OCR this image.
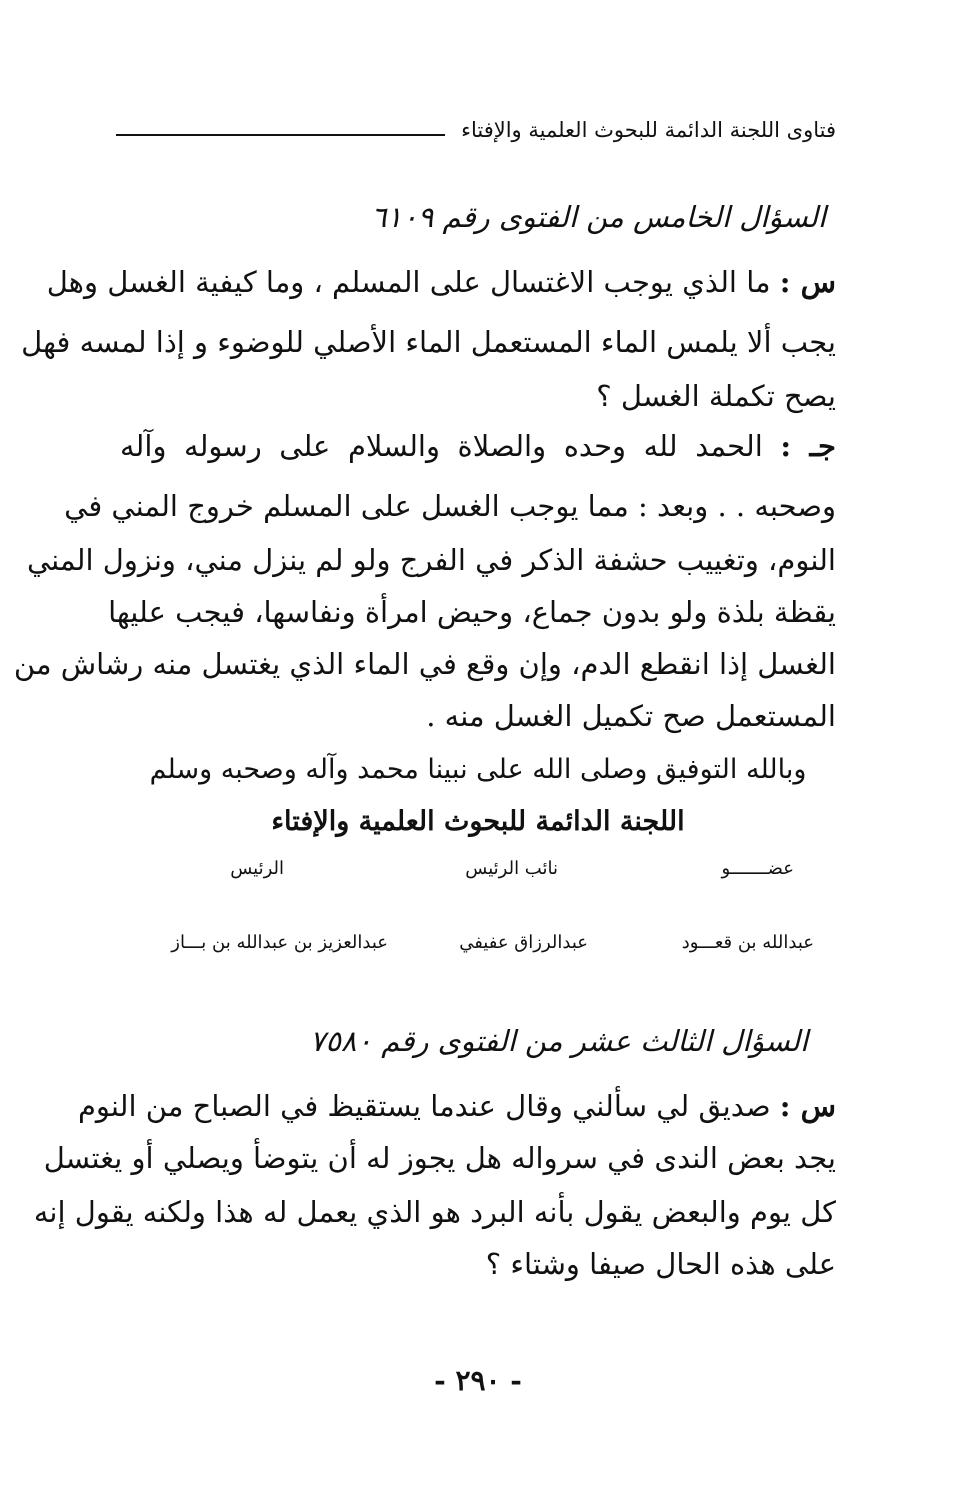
فتاوى اللجنة الدائمة للبحوث العلمية والإفتاء
السؤال الخامس من الفتوى رقم ٦١٠٩
س : ما الذي يوجب الاغتسال على المسلم ، وما كيفية الغسل وهل
يجب ألا يلمس الماء المستعمل الماء الأصلي للوضوء و إذا لمسه فهل
يصح تكملة الغسل ؟
جـ : الحمد لله وحده والصلاة والسلام على رسوله وآله
وصحبه . . وبعد : مما يوجب الغسل على المسلم خروج المني في
النوم، وتغييب حشفة الذكر في الفرج ولو لم ينزل مني، ونزول المني
يقظة بلذة ولو بدون جماع، وحيض امرأة ونفاسها، فيجب عليها
الغسل إذا انقطع الدم، وإن وقع في الماء الذي يغتسل منه رشاش من
المستعمل صح تكميل الغسل منه .
وبالله التوفيق وصلى الله على نبينا محمد وآله وصحبه وسلم
اللجنة الدائمة للبحوث العلمية والإفتاء
عضـــــــو
نائب الرئيس
الرئيس
عبدالله بن قعـــود
عبدالرزاق عفيفي
عبدالعزيز بن عبدالله بن بـــاز
السؤال الثالث عشر من الفتوى رقم ٧٥٨٠
س : صديق لي سألني وقال عندما يستقيظ في الصباح من النوم
يجد بعض الندى في سرواله هل يجوز له أن يتوضأ ويصلي أو يغتسل
كل يوم والبعض يقول بأنه البرد هو الذي يعمل له هذا ولكنه يقول إنه
على هذه الحال صيفا وشتاء ؟
- ٢٩٠ -
